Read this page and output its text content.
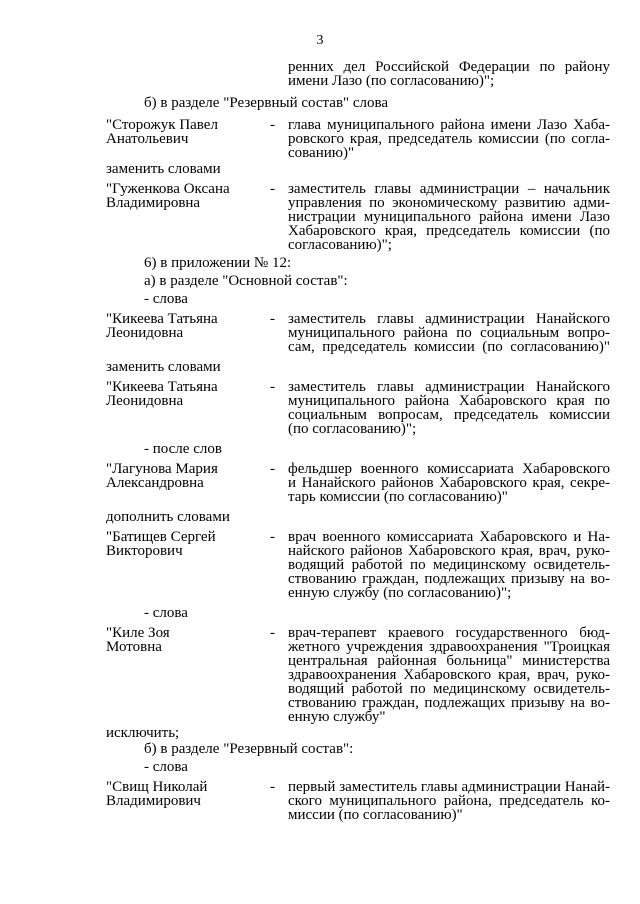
3
ренних дел Российской Федерации по району
имени Лазо (по согласованию)";
б) в разделе "Резервный состав" слова
"Сторожук Павел
Анатольевич
- глава муниципального района имени Лазо Хаба-
ровского края, председатель комиссии (по согла-
сованию)"
заменить словами
"Гуженкова Оксана
Владимировна
- заместитель главы администрации – начальник
управления по экономическому развитию адми-
нистрации муниципального района имени Лазо
Хабаровского края, председатель комиссии (по
согласованию)";
6) в приложении № 12:
а) в разделе "Основной состав":
- слова
"Кикеева Татьяна
Леонидовна
- заместитель главы администрации Нанайского
муниципального района по социальным вопро-
сам, председатель комиссии (по согласованию)"
заменить словами
"Кикеева Татьяна
Леонидовна
- заместитель главы администрации Нанайского
муниципального района Хабаровского края по
социальным вопросам, председатель комиссии
(по согласованию)";
- после слов
"Лагунова Мария
Александровна
- фельдшер военного комиссариата Хабаровского
и Нанайского районов Хабаровского края, секре-
тарь комиссии (по согласованию)"
дополнить словами
"Батищев Сергей
Викторович
- врач военного комиссариата Хабаровского и На-
найского районов Хабаровского края, врач, руко-
водящий работой по медицинскому освидетель-
ствованию граждан, подлежащих призыву на во-
енную службу (по согласованию)";
- слова
"Киле Зоя
Мотовна
- врач-терапевт краевого государственного бюд-
жетного учреждения здравоохранения "Троицкая
центральная районная больница" министерства
здравоохранения Хабаровского края, врач, руко-
водящий работой по медицинскому освидетель-
ствованию граждан, подлежащих призыву на во-
енную службу"
исключить;
б) в разделе "Резервный состав":
- слова
"Свищ Николай
Владимирович
- первый заместитель главы администрации Нанай-
ского муниципального района, председатель ко-
миссии (по согласованию)"
